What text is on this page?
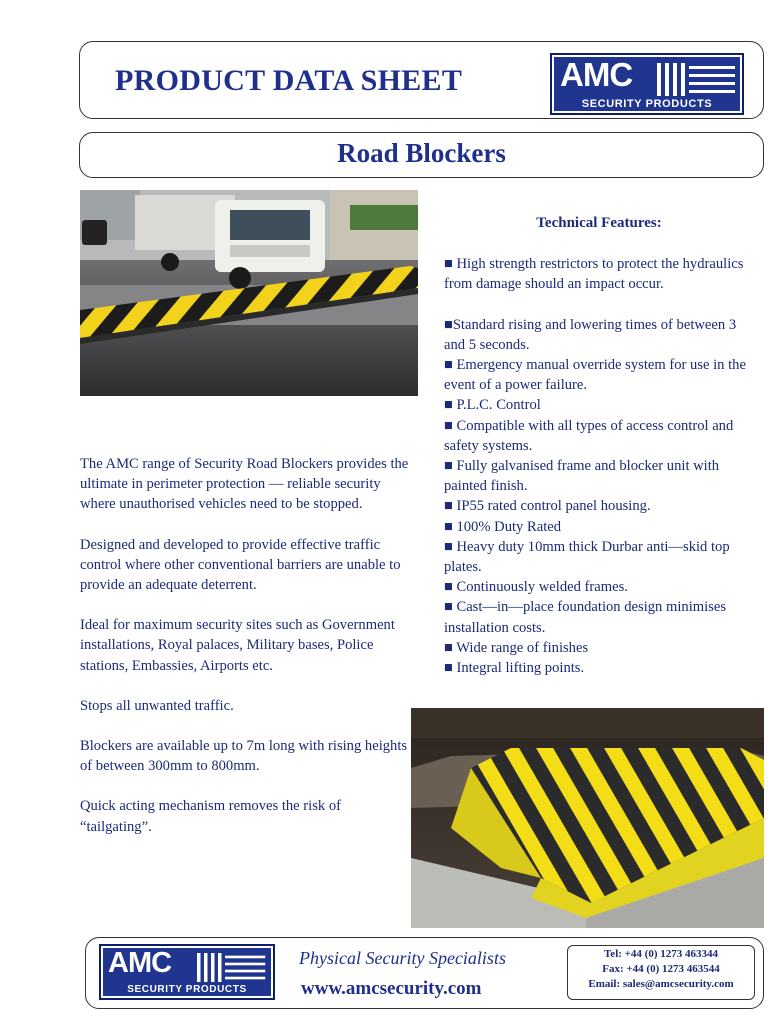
PRODUCT DATA SHEET	AMC
SECURITY PRODUCTS
Road Blockers

The AMC range of Security Road Blockers provides the ultimate in perimeter protection — reliable security where unauthorised vehicles need to be stopped.

Designed and developed to provide effective traffic control where other conventional barriers are unable to provide an adequate deterrent.

Ideal for maximum security sites such as Government installations, Royal palaces, Military bases, Police stations, Embassies, Airports etc.

Stops all unwanted traffic.

Blockers are available up to 7m long with rising heights of between 300mm to 800mm.

Quick acting mechanism removes the risk of “tailgating”.

Technical Features:

■ High strength restrictors to protect the hydraulics from damage should an impact occur.

■Standard rising and lowering times of between 3 and 5 seconds.

■ Emergency manual override system for use in the event of a power failure.

■ P.L.C. Control

■ Compatible with all types of access control and safety systems.

■ Fully galvanised frame and blocker unit with painted finish.

■ IP55 rated control panel housing.

■ 100% Duty Rated

■ Heavy duty 10mm thick Durbar anti—skid top plates.

■ Continuously welded frames.

■ Cast—in—place foundation design minimises installation costs.

■ Wide range of finishes

■ Integral lifting points.

AMC
SECURITY PRODUCTS
Physical Security Specialists
www.amcsecurity.com
Tel: +44 (0) 1273 463344
Fax: +44 (0) 1273 463544
Email: sales@amcsecurity.com
